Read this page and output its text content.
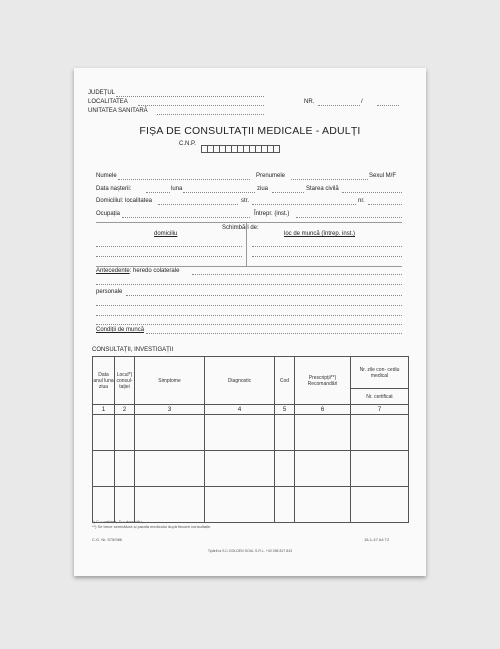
JUDEȚUL
LOCALITATEA
UNITATEA SANITARĂ
NR.	/
FIȘA DE CONSULTAȚII MEDICALE - ADULȚI
C.N.P.
Numele	Prenumele	Sexul M/F
Data nașterii:	luna	ziua	Starea civilă
Domiciliul: localitatea	str.	nr.
Ocupația	Întrepr. (inst.)
Schimbări de:
domiciliu	loc de muncă (întrep. inst.)
Antecedente: heredo colaterale
personale
Condiții de muncă
CONSULTAȚII, INVESTIGAȚII
Data anul luna ziua	Locul*) consul- tației	Simptome	Diagnostic	Cod	Prescripții**) Recomandări	Nr. zile con- cediu medical

						Nr. certificat

1	2	3	4	5	6	7

*) C = cabinet, D = domiciliu;
**) Se trece semnătura și parafa medicului după fiecare consultație.
C.G. Nr. 575/986	18-1-47 A4 T2
Tipărit la S.C.GOLDEN SOUL S.R.L. +40 258 817 843
